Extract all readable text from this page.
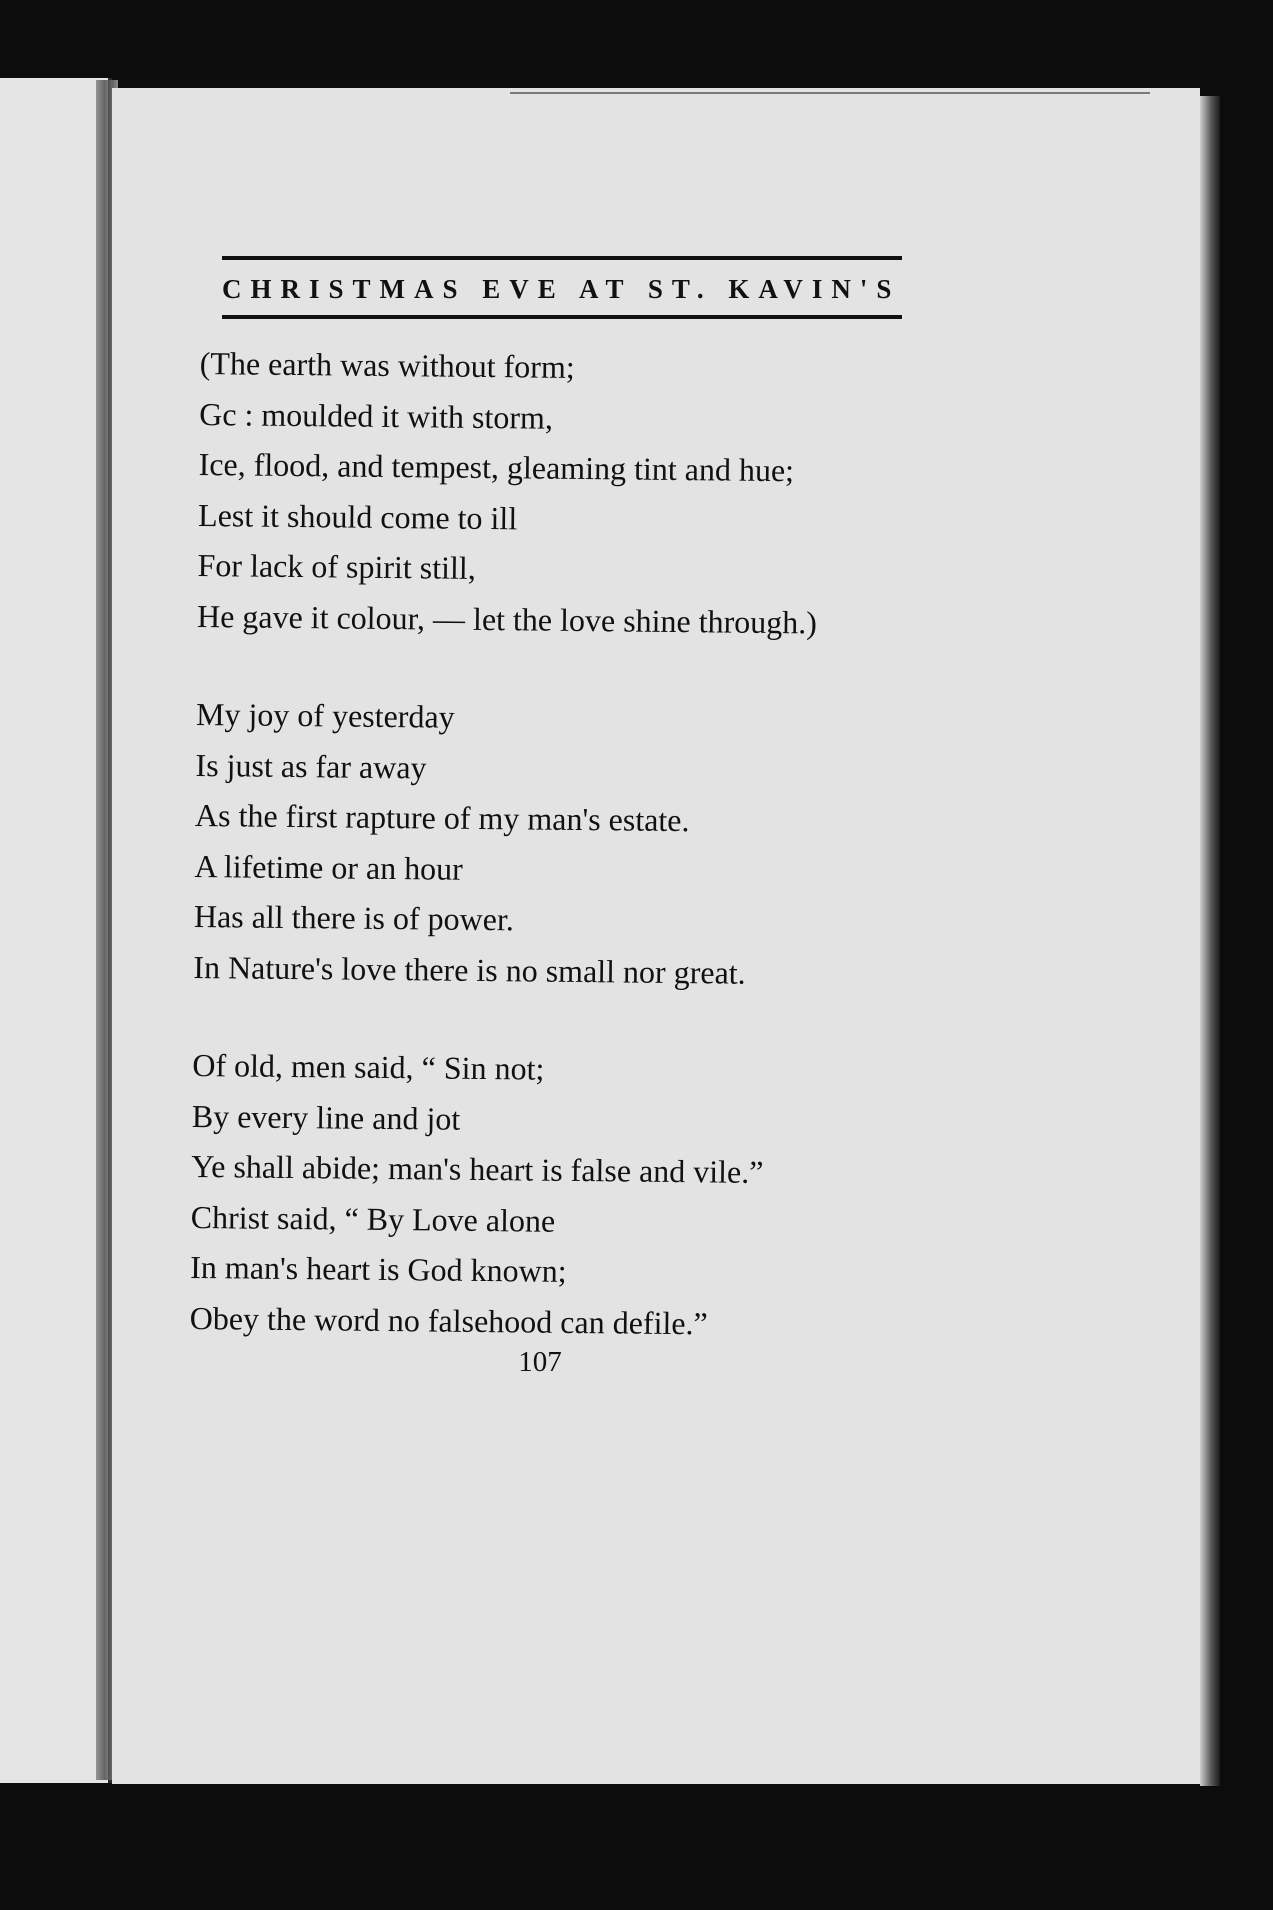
CHRISTMAS EVE AT ST. KAVIN'S
(The earth was without form;
Gc : moulded it with storm,
Ice, flood, and tempest, gleaming tint and hue;
Lest it should come to ill
For lack of spirit still,
He gave it colour, — let the love shine through.)
My joy of yesterday
Is just as far away
As the first rapture of my man's estate.
A lifetime or an hour
Has all there is of power.
In Nature's love there is no small nor great.
Of old, men said, “ Sin not;
By every line and jot
Ye shall abide; man's heart is false and vile.”
Christ said, “ By Love alone
In man's heart is God known;
Obey the word no falsehood can defile.”
107
